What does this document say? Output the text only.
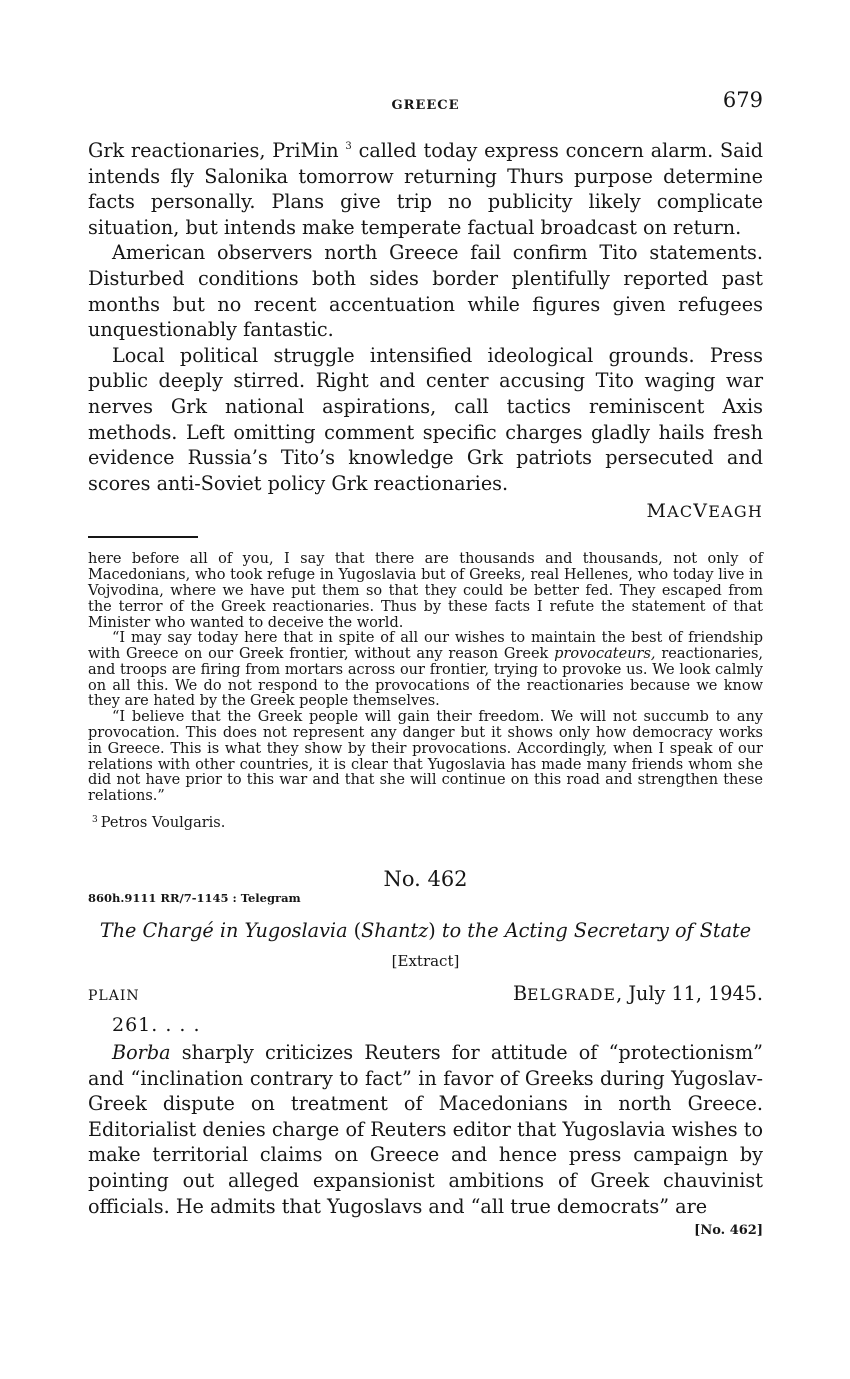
GREECE	679

Grk reactionaries, PriMin $^3$ called today express concern alarm. Said intends fly Salonika tomorrow returning Thurs purpose determine facts personally. Plans give trip no publicity likely complicate situation, but intends make temperate factual broadcast on return.

American observers north Greece fail confirm Tito statements. Disturbed conditions both sides border plentifully reported past months but no recent accentuation while figures given refugees unquestionably fantastic.

Local political struggle intensified ideological grounds. Press public deeply stirred. Right and center accusing Tito waging war nerves Grk national aspirations, call tactics reminiscent Axis methods. Left omitting comment specific charges gladly hails fresh evidence Russia’s Tito’s knowledge Grk patriots persecuted and scores anti-Soviet policy Grk reactionaries.

MACVEAGH

here before all of you, I say that there are thousands and thousands, not only of Macedonians, who took refuge in Yugoslavia but of Greeks, real Hellenes, who today live in Vojvodina, where we have put them so that they could be better fed. They escaped from the terror of the Greek reactionaries. Thus by these facts I refute the statement of that Minister who wanted to deceive the world.

“I may say today here that in spite of all our wishes to maintain the best of friendship with Greece on our Greek frontier, without any reason Greek provocateurs, reactionaries, and troops are firing from mortars across our frontier, trying to provoke us. We look calmly on all this. We do not respond to the provocations of the reactionaries because we know they are hated by the Greek people themselves.

“I believe that the Greek people will gain their freedom. We will not succumb to any provocation. This does not represent any danger but it shows only how democracy works in Greece. This is what they show by their provocations. Accordingly, when I speak of our relations with other countries, it is clear that Yugoslavia has made many friends whom she did not have prior to this war and that she will continue on this road and strengthen these relations.”

$^3$ Petros Voulgaris.
No. 462
860h.9111 RR/7-1145 : Telegram
The Chargé in Yugoslavia (Shantz) to the Acting Secretary of State
[Extract]
PLAIN	BELGRADE, July 11, 1945.
261. . . .

Borba sharply criticizes Reuters for attitude of “protectionism” and “inclination contrary to fact” in favor of Greeks during Yugoslav-Greek dispute on treatment of Macedonians in north Greece. Editorialist denies charge of Reuters editor that Yugoslavia wishes to make territorial claims on Greece and hence press campaign by pointing out alleged expansionist ambitions of Greek chauvinist officials. He admits that Yugoslavs and “all true democrats” are

[No. 462]
